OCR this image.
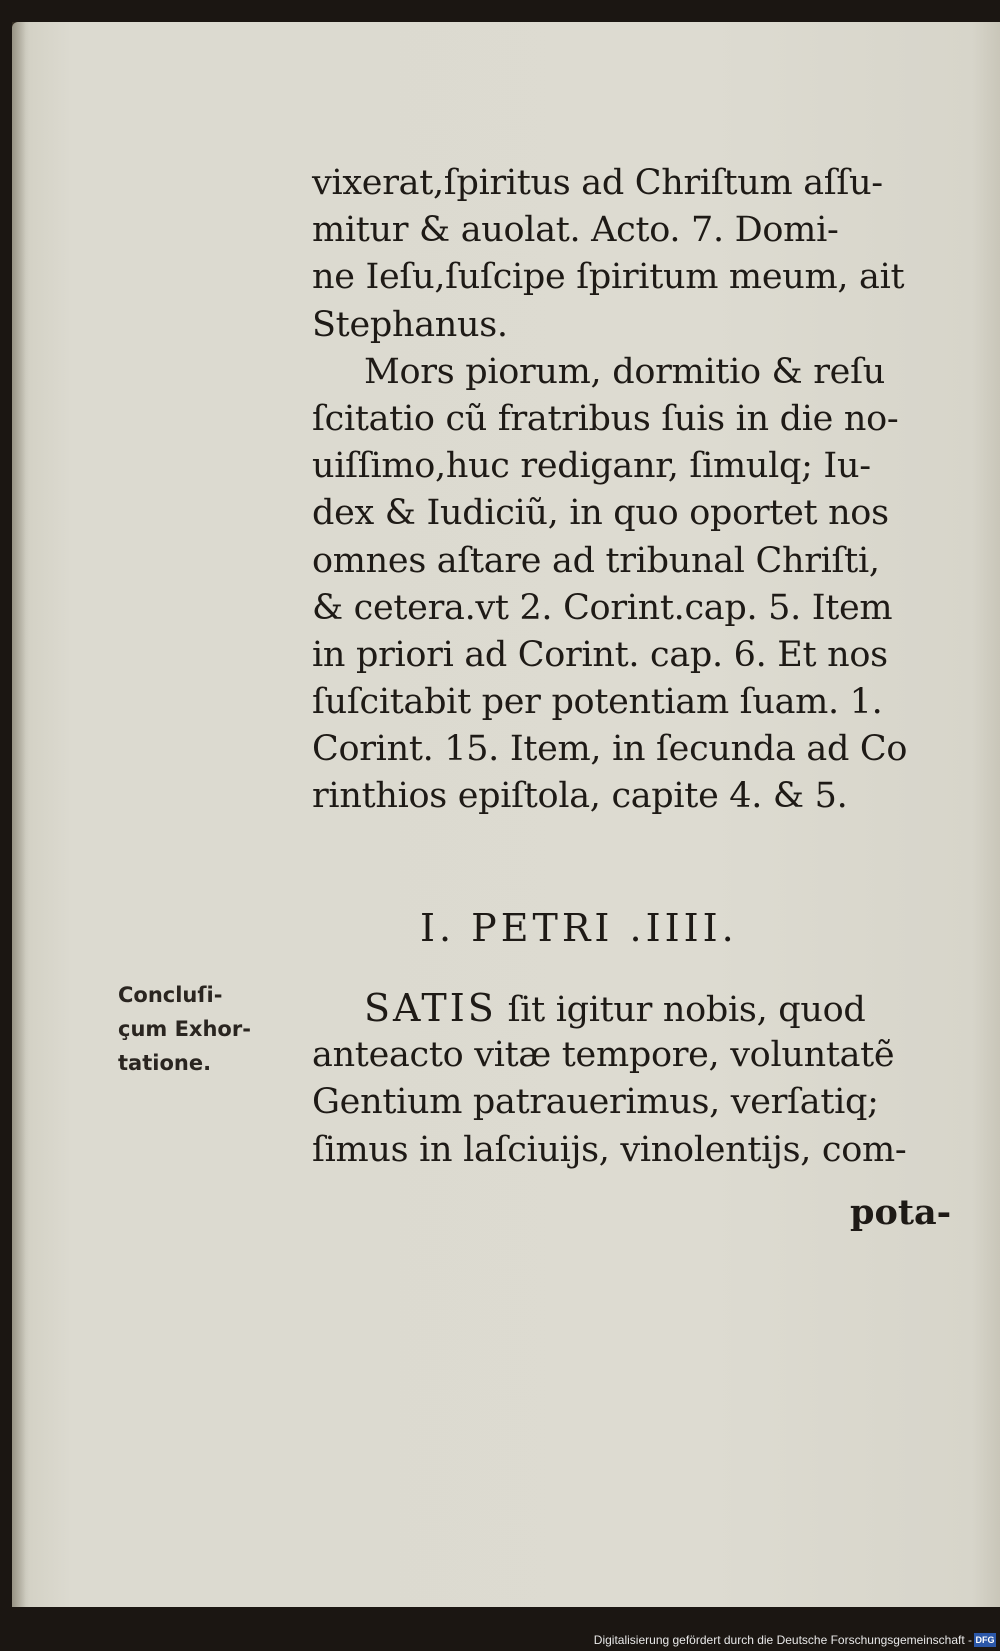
vixerat,ſpiritus ad Chriſtum aſſu-
mitur & auolat. Acto. 7. Domi-
ne Ieſu,ſuſcipe ſpiritum meum, ait
Stephanus.
Mors piorum, dormitio & reſu
ſcitatio cũ fratribus ſuis in die no-
uiſſimo,huc rediganr, ſimulq; Iu-
dex & Iudiciũ, in quo oportet nos
omnes aſtare ad tribunal Chriſti,
& cetera.vt 2. Corint.cap. 5. Item
in priori ad Corint. cap. 6. Et nos
ſuſcitabit per potentiam ſuam. 1.
Corint. 15. Item, in ſecunda ad Co
rinthios epiſtola, capite 4. & 5.
I. PETRI .IIII.
Concluſi-
çum Exhor-
tatione.
SATIS ſit igitur nobis, quod
anteacto vitæ tempore, voluntatẽ
Gentium patrauerimus, verſatiq;
ſimus in laſciuijs, vinolentijs, com-
pota-
Digitalisierung gefördert durch die Deutsche Forschungsgemeinschaft - DFG
